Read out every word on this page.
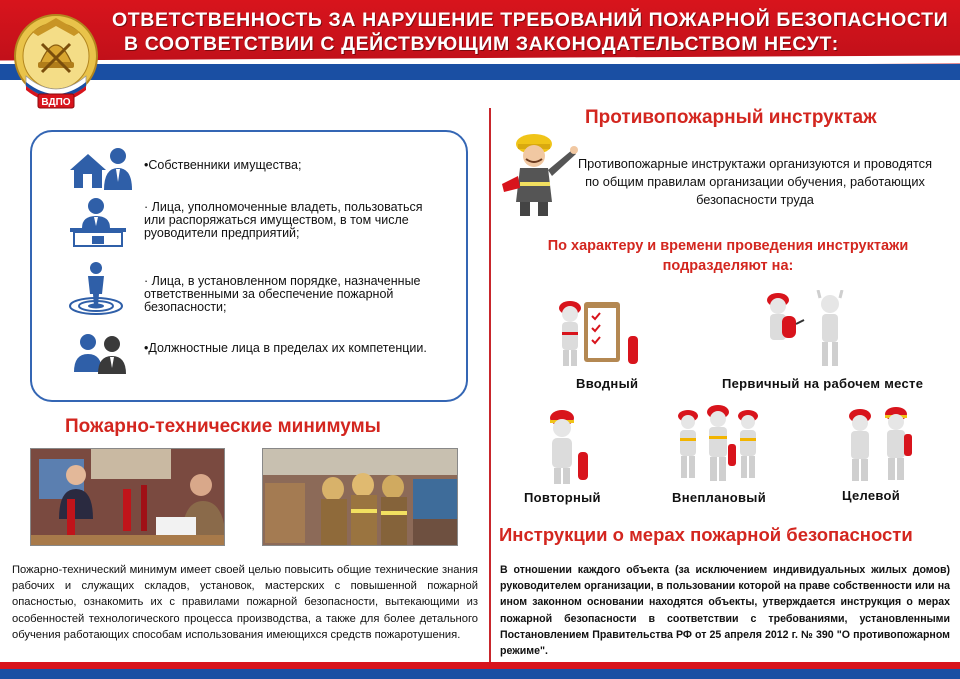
ОТВЕТСТВЕННОСТЬ ЗА НАРУШЕНИЕ ТРЕБОВАНИЙ ПОЖАРНОЙ БЕЗОПАСНОСТИ
В СООТВЕТСТВИИ С ДЕЙСТВУЮЩИМ ЗАКОНОДАТЕЛЬСТВОМ НЕСУТ:
ВДПО
•Собственники имущества;
· Лица, уполномоченные владеть, пользоваться или распоряжаться имуществом, в том числе руоводители предприятий;
· Лица, в установленном порядке, назначенные ответственными за обеспечение пожарной безопасности;
•Должностные лица в пределах их компетенции.
Пожарно-технические минимумы
Пожарно-технический минимум имеет своей целью повысить общие технические знания рабочих и служащих складов, установок, мастерских с повышенной пожарной опасностью, ознакомить их с правилами пожарной безопасности, вытекающими из особенностей технологического процесса производства, а также для более детального обучения работающих способам использования имеющихся средств пожаротушения.
Противопожарный инструктаж
Противопожарные инструктажи организуются и проводятся по общим правилам организации обучения, работающих безопасности труда
По характеру и времени проведения инструктажи подразделяют на:
Вводный	Первичный на рабочем месте
Повторный	Внеплановый	Целевой
Инструкции о мерах пожарной безопасности
В отношении каждого объекта (за исключением индивидуальных жилых домов) руководителем организации, в пользовании которой на праве собственности или на ином законном основании находятся объекты, утверждается инструкция о мерах пожарной безопасности в соответствии с требованиями, установленными Постановлением Правительства РФ от 25 апреля 2012 г. № 390 "О противопожарном режиме".
